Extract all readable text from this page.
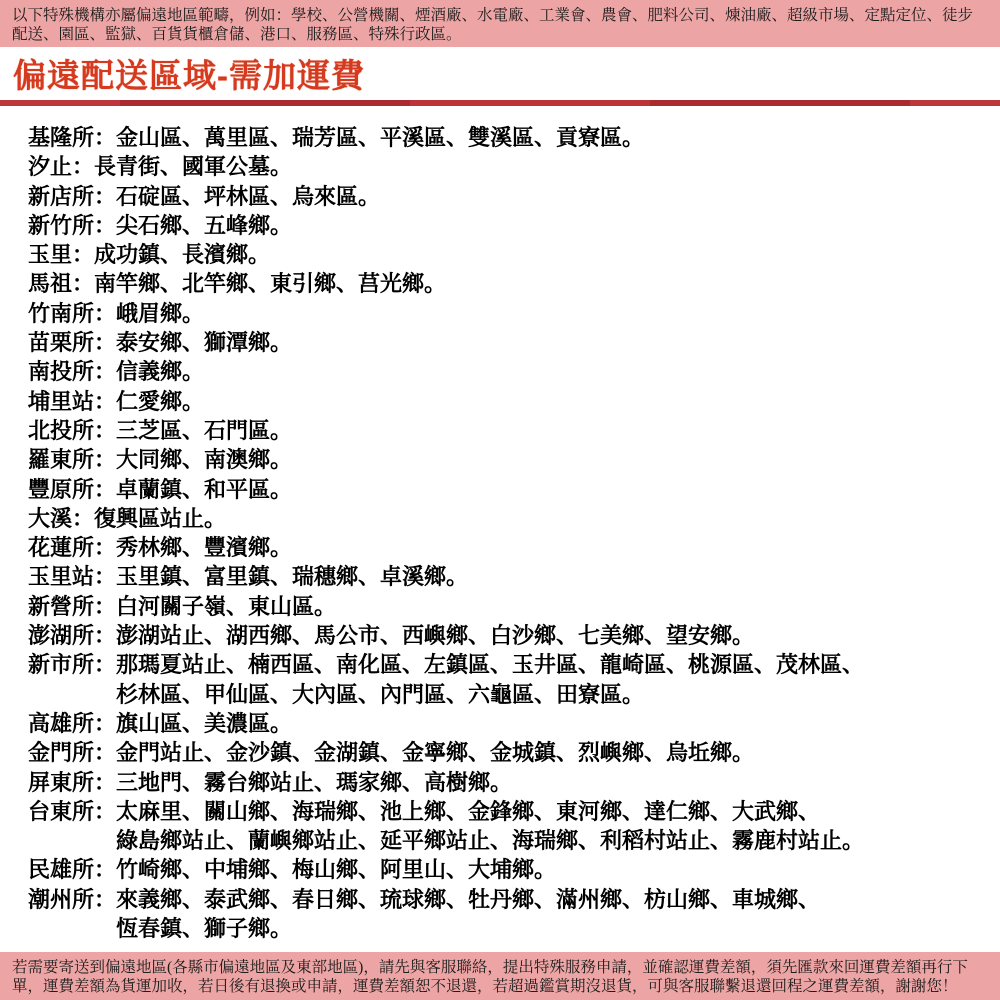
以下特殊機構亦屬偏遠地區範疇，例如：學校、公營機關、煙酒廠、水電廠、工業會、農會、肥料公司、煉油廠、超級市場、定點定位、徒步配送、園區、監獄、百貨貨櫃倉儲、港口、服務區、特殊行政區。
偏遠配送區域-需加運費
基隆所：金山區、萬里區、瑞芳區、平溪區、雙溪區、貢寮區。
汐止：長青街、國軍公墓。
新店所：石碇區、坪林區、烏來區。
新竹所：尖石鄉、五峰鄉。
玉里：成功鎮、長濱鄉。
馬祖：南竿鄉、北竿鄉、東引鄉、莒光鄉。
竹南所：峨眉鄉。
苗栗所：泰安鄉、獅潭鄉。
南投所：信義鄉。
埔里站：仁愛鄉。
北投所：三芝區、石門區。
羅東所：大同鄉、南澳鄉。
豐原所：卓蘭鎮、和平區。
大溪：復興區站止。
花蓮所：秀林鄉、豐濱鄉。
玉里站：玉里鎮、富里鎮、瑞穗鄉、卓溪鄉。
新營所：白河關子嶺、東山區。
澎湖所：澎湖站止、湖西鄉、馬公市、西嶼鄉、白沙鄉、七美鄉、望安鄉。
新市所：那瑪夏站止、楠西區、南化區、左鎮區、玉井區、龍崎區、桃源區、茂林區、
杉林區、甲仙區、大內區、內門區、六龜區、田寮區。
高雄所：旗山區、美濃區。
金門所：金門站止、金沙鎮、金湖鎮、金寧鄉、金城鎮、烈嶼鄉、烏坵鄉。
屏東所：三地門、霧台鄉站止、瑪家鄉、高樹鄉。
台東所：太麻里、關山鄉、海瑞鄉、池上鄉、金鋒鄉、東河鄉、達仁鄉、大武鄉、
綠島鄉站止、蘭嶼鄉站止、延平鄉站止、海瑞鄉、利稻村站止、霧鹿村站止。
民雄所：竹崎鄉、中埔鄉、梅山鄉、阿里山、大埔鄉。
潮州所：來義鄉、泰武鄉、春日鄉、琉球鄉、牡丹鄉、滿州鄉、枋山鄉、車城鄉、
恆春鎮、獅子鄉。
若需要寄送到偏遠地區(各縣市偏遠地區及東部地區)，請先與客服聯絡，提出特殊服務申請，並確認運費差額，須先匯款來回運費差額再行下單，運費差額為貨運加收，若日後有退換或申請，運費差額恕不退還，若超過鑑賞期沒退貨，可與客服聯繫退還回程之運費差額，謝謝您！
